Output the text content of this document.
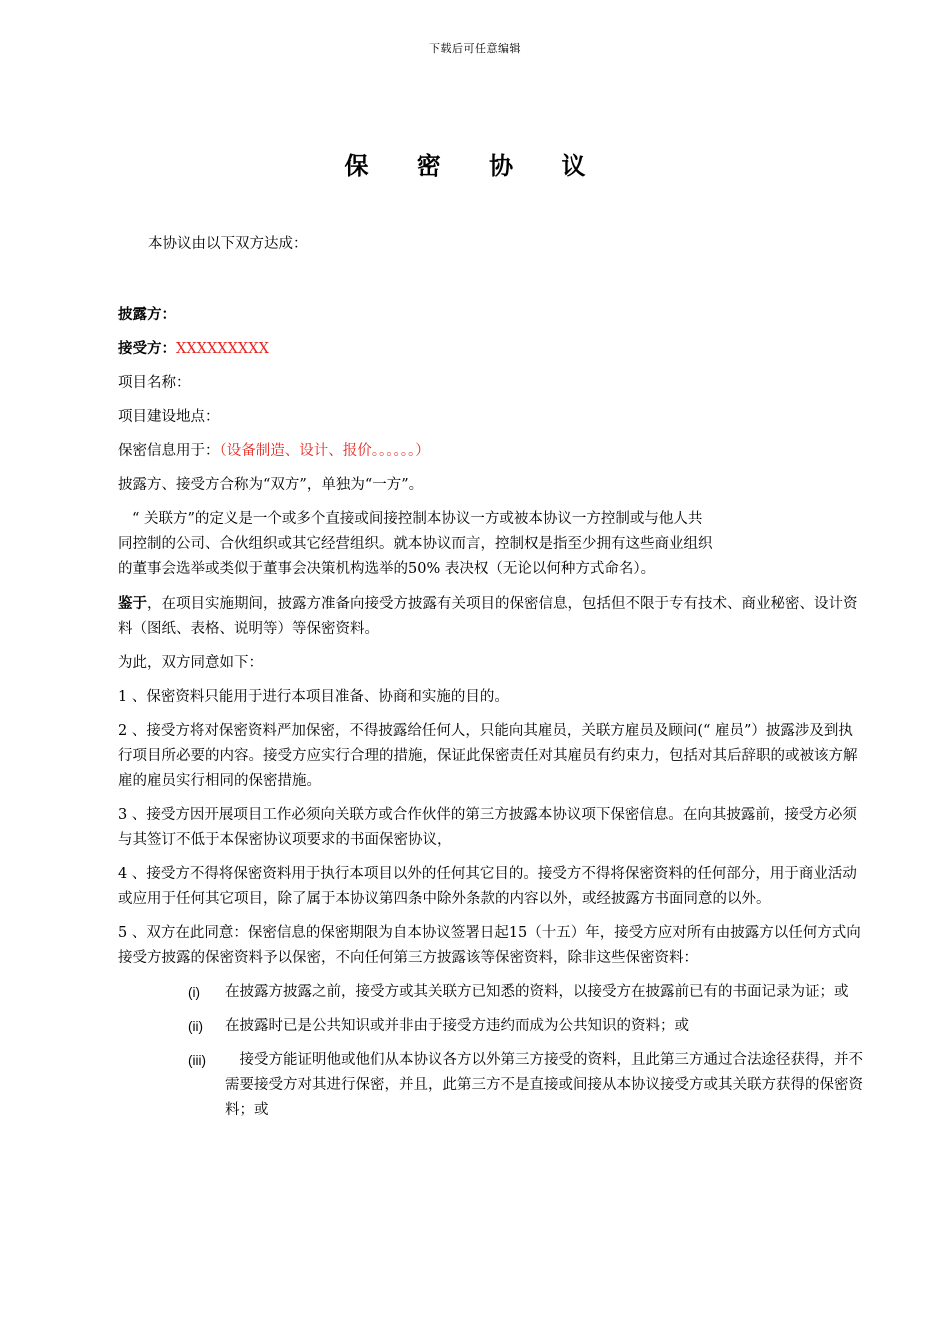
下载后可任意编辑
保 密 协 议

本协议由以下双方达成：

披露方：

接受方：XXXXXXXXX

项目名称：

项目建设地点：

保密信息用于：（设备制造、设计、报价。。。。。。）

披露方、接受方合称为“双方”，单独为“一方”。

“ 关联方”的定义是一个或多个直接或间接控制本协议一方或被本协议一方控制或与他人共
同控制的公司、合伙组织或其它经营组织。就本协议而言，控制权是指至少拥有这些商业组织
的董事会选举或类似于董事会决策机构选举的50% 表决权（无论以何种方式命名）。

鉴于，在项目实施期间，披露方准备向接受方披露有关项目的保密信息，包括但不限于专有技术、商业秘密、设计资料（图纸、表格、说明等）等保密资料。

为此，双方同意如下：

1 、保密资料只能用于进行本项目准备、协商和实施的目的。

2 、接受方将对保密资料严加保密，不得披露给任何人，只能向其雇员，关联方雇员及顾问(“ 雇员”）披露涉及到执行项目所必要的内容。接受方应实行合理的措施，保证此保密责任对其雇员有约束力，包括对其后辞职的或被该方解雇的雇员实行相同的保密措施。

3 、接受方因开展项目工作必须向关联方或合作伙伴的第三方披露本协议项下保密信息。在向其披露前，接受方必须与其签订不低于本保密协议项要求的书面保密协议，

4 、接受方不得将保密资料用于执行本项目以外的任何其它目的。接受方不得将保密资料的任何部分，用于商业活动或应用于任何其它项目，除了属于本协议第四条中除外条款的内容以外，或经披露方书面同意的以外。

5 、双方在此同意：保密信息的保密期限为自本协议签署日起15（十五）年，接受方应对所有由披露方以任何方式向接受方披露的保密资料予以保密，不向任何第三方披露该等保密资料，除非这些保密资料：

(i)	在披露方披露之前，接受方或其关联方已知悉的资料，以接受方在披露前已有的书面记录为证；或
(ii)	在披露时已是公共知识或并非由于接受方违约而成为公共知识的资料；或
(iii) 　接受方能证明他或他们从本协议各方以外第三方接受的资料，且此第三方通过合法途径获得，并不需要接受方对其进行保密，并且，此第三方不是直接或间接从本协议接受方或其关联方获得的保密资料；或
